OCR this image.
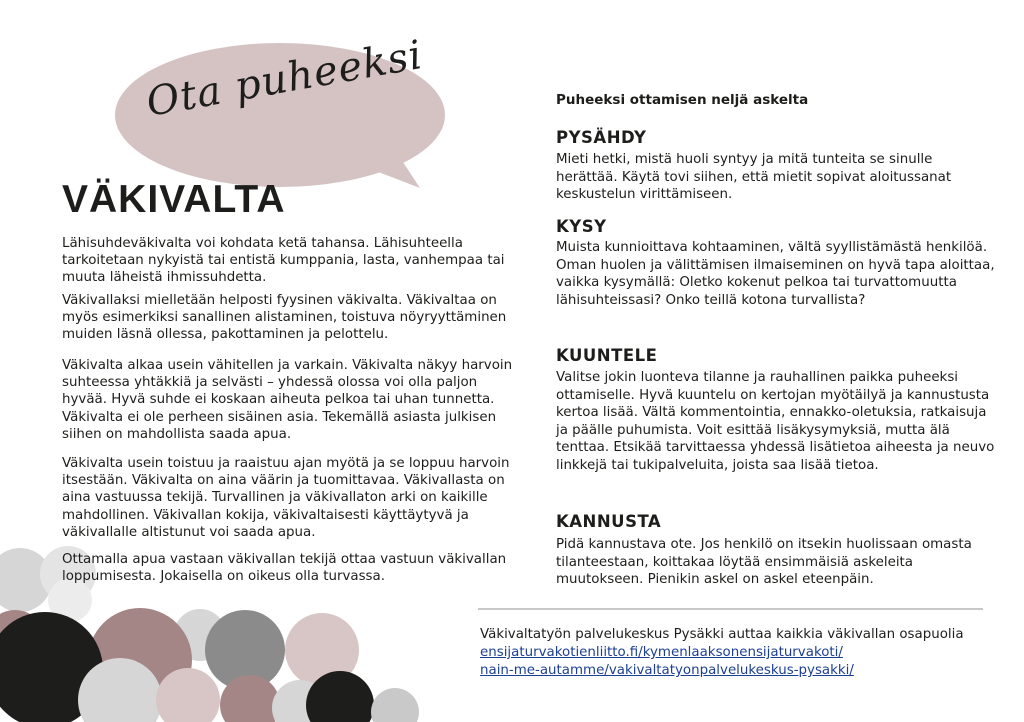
Ota puheeksi
VÄKIVALTA

Lähisuhdeväkivalta voi kohdata ketä tahansa. Lähisuhteella tarkoitetaan nykyistä tai entistä kumppania, lasta, vanhempaa tai muuta läheistä ihmissuhdetta.

Väkivallaksi mielletään helposti fyysinen väkivalta. Väkivaltaa on myös esimerkiksi sanallinen alistaminen, toistuva nöyryyttäminen muiden läsnä ollessa, pakottaminen ja pelottelu.

Väkivalta alkaa usein vähitellen ja varkain. Väkivalta näkyy harvoin suhteessa yhtäkkiä ja selvästi – yhdessä olossa voi olla paljon hyvää. Hyvä suhde ei koskaan aiheuta pelkoa tai uhan tunnetta. Väkivalta ei ole perheen sisäinen asia. Tekemällä asiasta julkisen siihen on mahdollista saada apua.

Väkivalta usein toistuu ja raaistuu ajan myötä ja se loppuu harvoin itsestään. Väkivalta on aina väärin ja tuomittavaa. Väkivallasta on aina vastuussa tekijä. Turvallinen ja väkivallaton arki on kaikille mahdollinen. Väkivallan kokija, väkivaltaisesti käyttäytyvä ja väkivallalle altistunut voi saada apua.

Ottamalla apua vastaan väkivallan tekijä ottaa vastuun väkivallan loppumisesta. Jokaisella on oikeus olla turvassa.

Puheeksi ottamisen neljä askelta
PYSÄHDY

Mieti hetki, mistä huoli syntyy ja mitä tunteita se sinulle herättää. Käytä tovi siihen, että mietit sopivat aloitussanat keskustelun virittämiseen.

KYSY

Muista kunnioittava kohtaaminen, vältä syyllistämästä henkilöä. Oman huolen ja välittämisen ilmaiseminen on hyvä tapa aloittaa, vaikka kysymällä: Oletko kokenut pelkoa tai turvattomuutta lähisuhteissasi? Onko teillä kotona turvallista?

KUUNTELE

Valitse jokin luonteva tilanne ja rauhallinen paikka puheeksi ottamiselle. Hyvä kuuntelu on kertojan myötäilyä ja kannustusta kertoa lisää. Vältä kommentointia, ennakko-oletuksia, ratkaisuja ja päälle puhumista. Voit esittää lisäkysymyksiä, mutta älä tenttaa. Etsikää tarvittaessa yhdessä lisätietoa aiheesta ja neuvo linkkejä tai tukipalveluita, joista saa lisää tietoa.

KANNUSTA

Pidä kannustava ote. Jos henkilö on itsekin huolissaan omasta tilanteestaan, koittakaa löytää ensimmäisiä askeleita muutokseen. Pienikin askel on askel eteenpäin.

Väkivaltatyön palvelukeskus Pysäkki auttaa kaikkia väkivallan osapuolia
ensijaturvakotienliitto.fi/kymenlaaksonensijaturvakoti/
nain-me-autamme/vakivaltatyonpalvelukeskus-pysakki/
